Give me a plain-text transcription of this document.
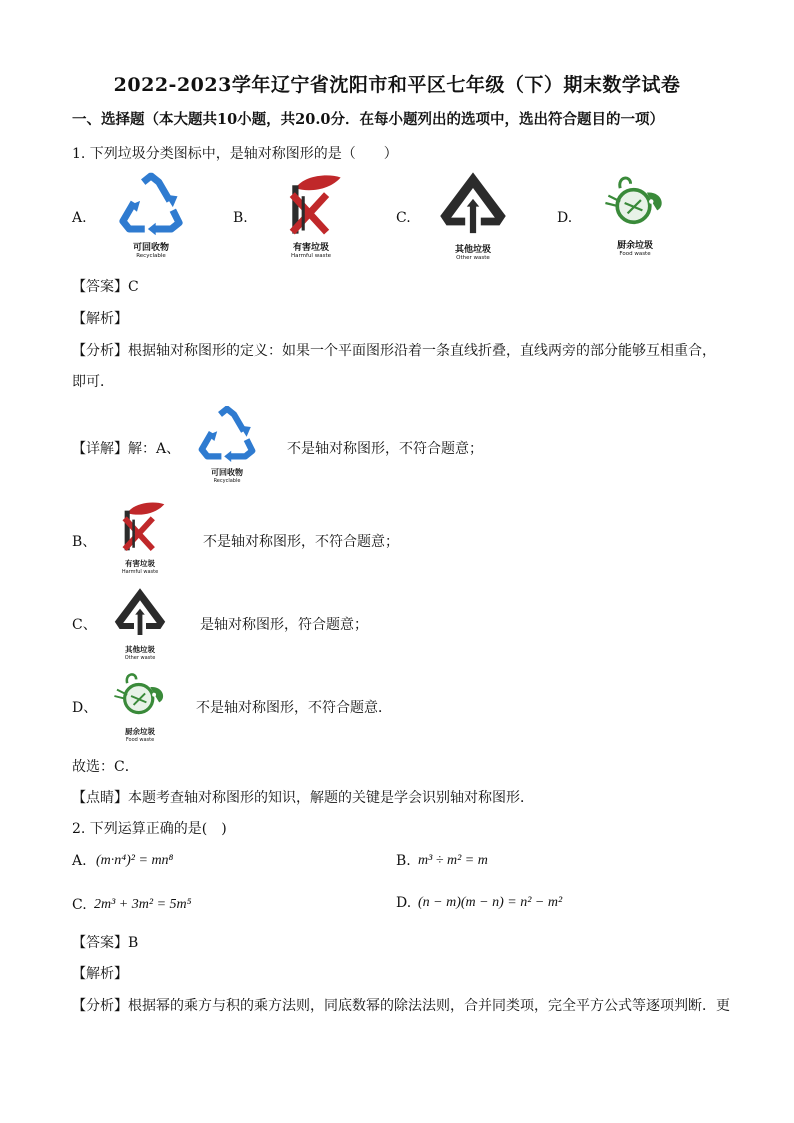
2022-2023学年辽宁省沈阳市和平区七年级（下）期末数学试卷
一、选择题（本大题共10小题，共20.0分．在每小题列出的选项中，选出符合题目的一项）
1. 下列垃圾分类图标中，是轴对称图形的是（　　）
A.
可回收物
Recyclable
B.
有害垃圾
Harmful waste
C.
其他垃圾
Other waste
D.
厨余垃圾
Food waste
【答案】C
【解析】
【分析】根据轴对称图形的定义：如果一个平面图形沿着一条直线折叠，直线两旁的部分能够互相重合，
即可．
【详解】解：A、
可回收物
Recyclable
不是轴对称图形，不符合题意；
B、
有害垃圾
Harmful waste
不是轴对称图形，不符合题意；
C、
其他垃圾
Other waste
是轴对称图形，符合题意；
D、
厨余垃圾
Food waste
不是轴对称图形，不符合题意．
故选：C．
【点睛】本题考查轴对称图形的知识，解题的关键是学会识别轴对称图形．
2. 下列运算正确的是(　)
A. (m·n⁴)² = mn⁸	B. m³ ÷ m² = m
C. 2m³ + 3m² = 5m⁵	D. (n − m)(m − n) = n² − m²
【答案】B
【解析】
【分析】根据幂的乘方与积的乘方法则，同底数幂的除法法则，合并同类项，完全平方公式等逐项判断．更
